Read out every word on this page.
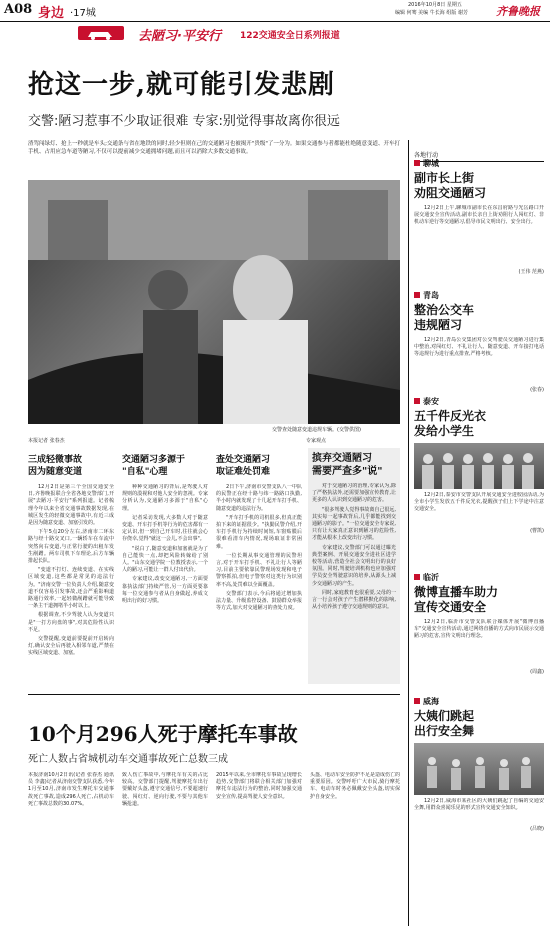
A08 身边 ·17城
2016年10月8日 星期五
编辑 何骞 美编 牛长海 组版 谢芳	齐鲁晚报
去陋习·平安行 122交通安全日系列报道
抢这一步,就可能引发悲剧
交警:陋习惹事不少取证很难 专家:别觉得事故离你很远
渣驾闯绿灯、抢上一秒就是车头;交通条与省在地铁的同时,轻少但则在己的交通陋习也被揭开"贵级"了一分为。如果交通参与者都能杜绝随意变道、开车打手机、占用应急车道等陋习,不仅可以提前减少交通拥堵问题,而且可以消除大多数交通事故。
交警查处随意变道违规车辆。(交警供图)
本报记者 张春杰	专家观点
三成轻微事故
因为随意变道

12月2日是第三个全国交通安全日,齐鲁晚报联合全省各地交警部门,开展"去陋习·平安行"系列报道。记者梳理今年以来全省交通事故数据发现,在城区发生的轻微交通事故中,有近三成是因为随意变道、加塞引发的。

下午5点20分左右,济南市二环东路与经十路交叉口,一辆轿车在车流中突然向右变道,与正常行驶的出租车发生剐蹭。两车司机下车理论,后方车辆排起长队。

"变道不打灯、连续变道、在实线区域变道,这些都是常见的违法行为。"济南交警一位负责人介绍,随意变道不仅容易引发事故,还会严重影响道路通行效率,一起轻微剐蹭就可能导致一条主干道拥堵半小时以上。

根据调查,不少驾驶人认为变道只是"一打方向盘的事",对其危险性认识不足。

交警提醒,变道前要提前开启转向灯,确认安全后再驶入相邻车道,严禁在实线区域变道、加塞。

交通陋习多源于
"自私"心理

种种交通陋习的背后,是驾驶人对规则的漠视和对他人安全的忽视。专家分析认为,交通陋习多源于"自私"心理。

记者采访发现,大多数人对于随意变道、开车打手机等行为的危害都有一定认识,但一到自己开车时,往往就会心存侥幸,觉得"就这一会儿,不会出事"。

"说白了,随意变道和加塞就是为了自己能快一点,却把风险转嫁给了别人。"山东交通学院一位教授表示,一个人的陋习,可能让一群人付出代价。

专家建议,改变交通陋习,一方面要靠执法部门持续严管,另一方面更要靠每一位交通参与者从自身做起,养成文明出行的好习惯。

查处交通陋习
取证难处罚难

2日下午,济南市交警支队八一中队的民警正在经十路与纬一路路口执勤,半小时内就发现了十几起开车打手机、随意变道的违法行为。

"开车打手机的司机很多,但真正能拍下来的证据很少。"执勤民警介绍,开车打手机行为持续时间短,车窗贴膜后很难看清车内情况,现场取证非常困难。

一位长期从事交通管理的民警坦言,对于开车打手机、不礼让行人等陋习,目前主要依靠民警现场发现和电子警察抓拍,但电子警察对这类行为识别率不高,处罚难以全面覆盖。

交警部门表示,今后将通过增加执法力量、升级监控设备、鼓励群众举报等方式,加大对交通陋习的查处力度。

摈弃交通陋习
需要严查多"说"

对于交通陋习的治理,专家认为,除了严格执法外,还需要加强宣传教育,让更多的人认识到交通陋习的危害。

"很多驾驶人觉得事故离自己很远,其实每一起事故背后,几乎都能找到交通陋习的影子。"一位交通安全专家说,只有让大家真正意识到陋习的危险性,才能从根本上改变出行习惯。

专家建议,交警部门可以通过曝光典型案例、开展交通安全进社区进学校等活动,营造全社会文明出行的良好氛围。同时,驾驶培训机构也应加强对学员安全驾驶意识的培养,从源头上减少交通陋习的产生。

同时,家庭教育也很重要,父母的一言一行会对孩子产生潜移默化的影响,从小培养孩子遵守交通规则的意识。

10个月296人死于摩托车事故
死亡人数占省城机动车交通事故死亡总数三成
本报济南10月2日讯(记者 张春杰 通讯员 李鑫)记者从济南交警支队获悉,今年1月至10月,济南市发生摩托车交通事故死亡事故,造成296人死亡,占机动车死亡事故总数的30.07%。
致人伤亡事故中,与摩托车有关的占比较高。交警部门提醒,驾驶摩托车出行要戴好头盔,遵守交通信号,不要超速行驶、闯红灯、逆向行驶,不要与其他车辆抢道。
2015年以来,全市摩托车事故呈现增长趋势,交警部门将联合相关部门加强对摩托车违法行为的整治,同时加强交通安全宣传,提高驾驶人安全意识。
头盔、电动车安全防护不足是造成伤亡的重要原因。交警呼吁广大市民,骑行摩托车、电动车时务必佩戴安全头盔,切实保护自身安全。
各地行动
聊城
副市长上街
劝阻交通陋习
12月2日上午,聊城市副市长在东昌府路与光岳路口开展交通安全宣传活动,副市长亲自上街劝阻行人闯红灯、非机动车逆行等交通陋习,倡导市民文明出行、安全出行。
(王伟 范燕)
青岛
整治公交车
违规陋习
12月2日,青岛公交集团对公交驾驶员交通陋习进行集中整治,对闯红灯、不礼让行人、随意变道、开车接打电话等违规行为进行重点排查,严格考核。
(张春)
泰安
五千件反光衣
发给小学生
12月2日,泰安市交警支队开展交通安全进校园活动,为全市小学生发放五千件反光衣,提醒孩子们上下学途中注意交通安全。
(曹凯)
临沂
微博直播车助力
宣传交通安全
12月2日,临沂市交警支队联合媒体开展"微博直播车"交通安全宣传活动,通过网络直播的方式向市民展示交通陋习的危害,宣传文明出行理念。
(周鑫)
威海
大姨们跳起
出行安全舞
12月2日,威海市某社区的大姨们跳起了自编的交通安全舞,用群众喜闻乐见的形式宣传交通安全知识。
(吕晓)
